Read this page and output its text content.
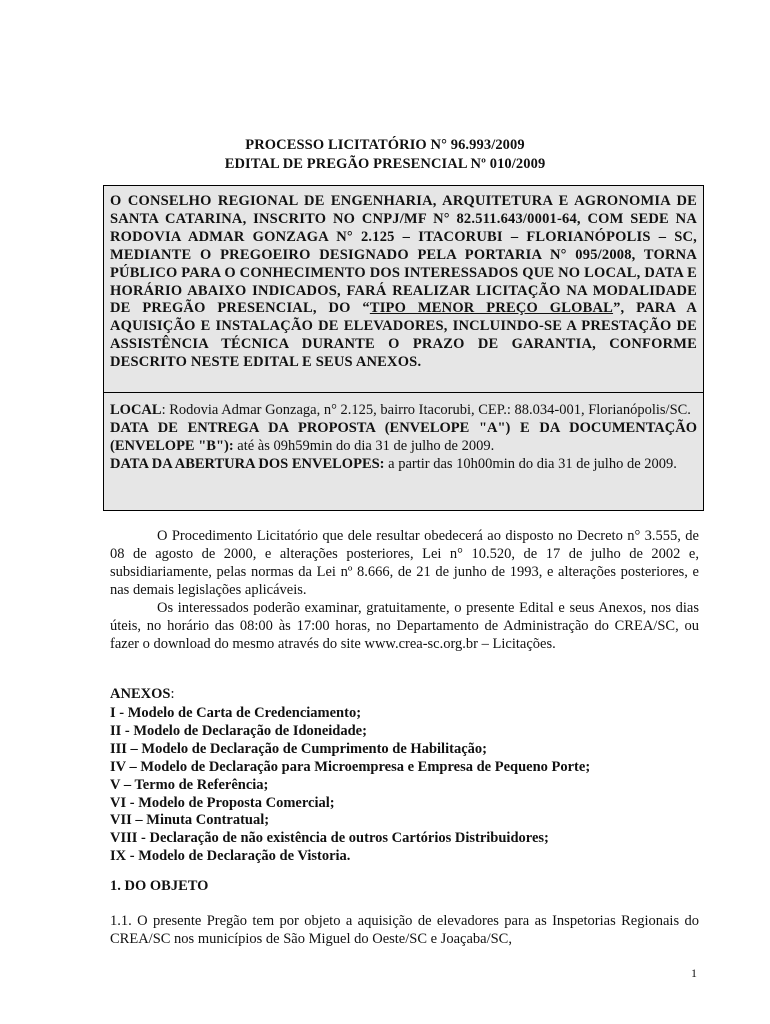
PROCESSO LICITATÓRIO N° 96.993/2009
EDITAL DE PREGÃO PRESENCIAL Nº 010/2009

O CONSELHO REGIONAL DE ENGENHARIA, ARQUITETURA E AGRONOMIA DE SANTA CATARINA, INSCRITO NO CNPJ/MF N° 82.511.643/0001-64, COM SEDE NA RODOVIA ADMAR GONZAGA N° 2.125 – ITACORUBI – FLORIANÓPOLIS – SC, MEDIANTE O PREGOEIRO DESIGNADO PELA PORTARIA N° 095/2008, TORNA PÚBLICO PARA O CONHECIMENTO DOS INTERESSADOS QUE NO LOCAL, DATA E HORÁRIO ABAIXO INDICADOS, FARÁ REALIZAR LICITAÇÃO NA MODALIDADE DE PREGÃO PRESENCIAL, DO “TIPO MENOR PREÇO GLOBAL”, PARA A AQUISIÇÃO E INSTALAÇÃO DE ELEVADORES, INCLUINDO-SE A PRESTAÇÃO DE ASSISTÊNCIA TÉCNICA DURANTE O PRAZO DE GARANTIA, CONFORME DESCRITO NESTE EDITAL E SEUS ANEXOS.

LOCAL: Rodovia Admar Gonzaga, n° 2.125, bairro Itacorubi, CEP.: 88.034-001, Florianópolis/SC.
DATA DE ENTREGA DA PROPOSTA (ENVELOPE "A") E DA DOCUMENTAÇÃO (ENVELOPE "B"): até às 09h59min do dia 31 de julho de 2009.
DATA DA ABERTURA DOS ENVELOPES: a partir das 10h00min do dia 31 de julho de 2009.

O Procedimento Licitatório que dele resultar obedecerá ao disposto no Decreto n° 3.555, de 08 de agosto de 2000, e alterações posteriores, Lei n° 10.520, de 17 de julho de 2002 e, subsidiariamente, pelas normas da Lei nº 8.666, de 21 de junho de 1993, e alterações posteriores, e nas demais legislações aplicáveis.

Os interessados poderão examinar, gratuitamente, o presente Edital e seus Anexos, nos dias úteis, no horário das 08:00 às 17:00 horas, no Departamento de Administração do CREA/SC, ou fazer o download do mesmo através do site www.crea-sc.org.br – Licitações.

ANEXOS:
I - Modelo de Carta de Credenciamento;
II - Modelo de Declaração de Idoneidade;
III – Modelo de Declaração de Cumprimento de Habilitação;
IV – Modelo de Declaração para Microempresa e Empresa de Pequeno Porte;
V – Termo de Referência;
VI - Modelo de Proposta Comercial;
VII – Minuta Contratual;
VIII - Declaração de não existência de outros Cartórios Distribuidores;
IX - Modelo de Declaração de Vistoria.
1. DO OBJETO

1.1. O presente Pregão tem por objeto a aquisição de elevadores para as Inspetorias Regionais do CREA/SC nos municípios de São Miguel do Oeste/SC e Joaçaba/SC,

1
